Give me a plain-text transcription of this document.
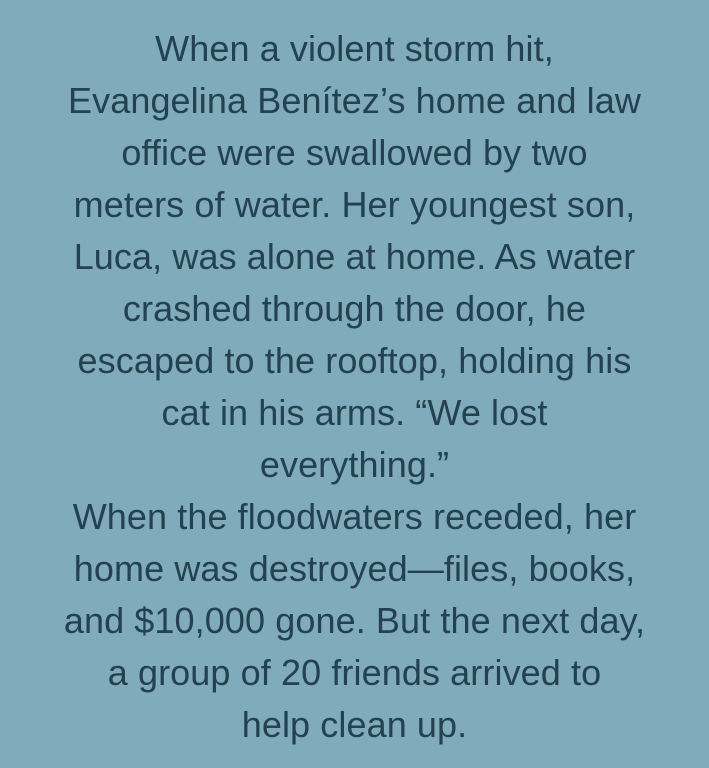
When a violent storm hit,
Evangelina Benítez’s home and law
office were swallowed by two
meters of water. Her youngest son,
Luca, was alone at home. As water
crashed through the door, he
escaped to the rooftop, holding his
cat in his arms. “We lost
everything.”
When the floodwaters receded, her
home was destroyed—files, books,
and $10,000 gone. But the next day,
a group of 20 friends arrived to
help clean up.
